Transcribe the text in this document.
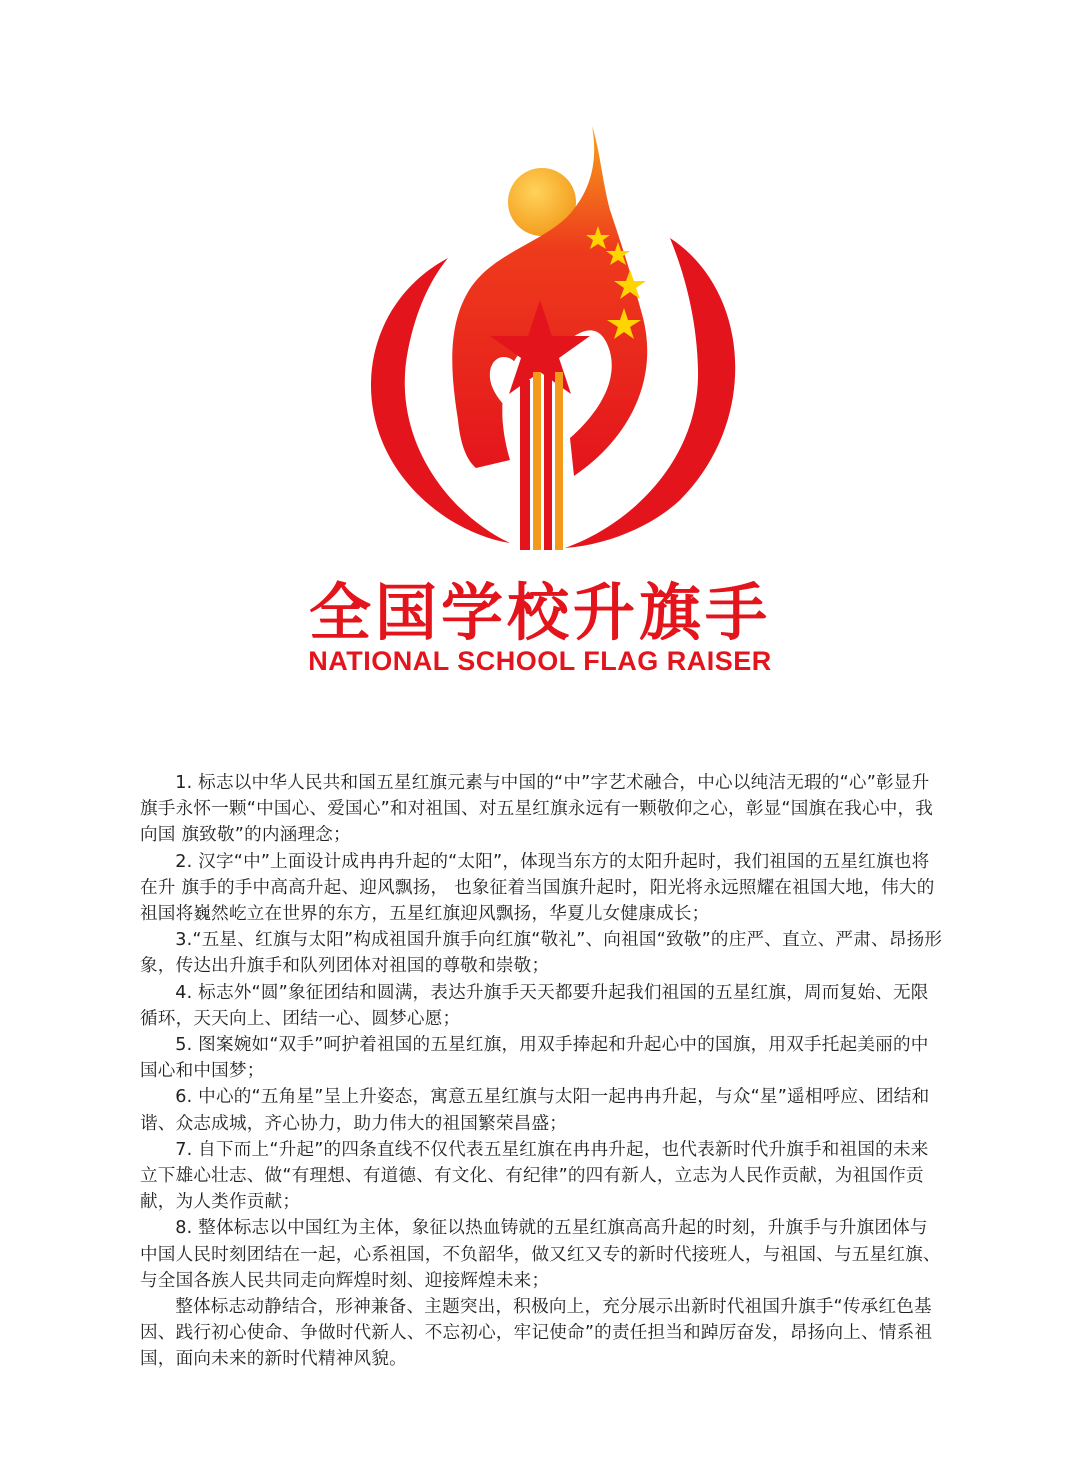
全国学校升旗手
NATIONAL SCHOOL FLAG RAISER

1. 标志以中华人民共和国五星红旗元素与中国的“中”字艺术融合，中心以纯洁无瑕的“心”彰显升旗手永怀一颗“中国心、爱国心”和对祖国、对五星红旗永远有一颗敬仰之心，彰显“国旗在我心中，我向国 旗致敬”的内涵理念；

2. 汉字“中”上面设计成冉冉升起的“太阳”，体现当东方的太阳升起时，我们祖国的五星红旗也将在升 旗手的手中高高升起、迎风飘扬， 也象征着当国旗升起时，阳光将永远照耀在祖国大地，伟大的祖国将巍然屹立在世界的东方，五星红旗迎风飘扬，华夏儿女健康成长；

3.“五星、红旗与太阳”构成祖国升旗手向红旗“敬礼”、向祖国“致敬”的庄严、直立、严肃、昂扬形象，传达出升旗手和队列团体对祖国的尊敬和崇敬；

4. 标志外“圆”象征团结和圆满，表达升旗手天天都要升起我们祖国的五星红旗，周而复始、无限循环，天天向上、团结一心、圆梦心愿；

5. 图案婉如“双手”呵护着祖国的五星红旗，用双手捧起和升起心中的国旗，用双手托起美丽的中国心和中国梦；

6. 中心的“五角星”呈上升姿态，寓意五星红旗与太阳一起冉冉升起，与众“星”遥相呼应、团结和谐、众志成城，齐心协力，助力伟大的祖国繁荣昌盛；

7. 自下而上“升起”的四条直线不仅代表五星红旗在冉冉升起，也代表新时代升旗手和祖国的未来立下雄心壮志、做“有理想、有道德、有文化、有纪律”的四有新人，立志为人民作贡献，为祖国作贡献，为人类作贡献；

8. 整体标志以中国红为主体，象征以热血铸就的五星红旗高高升起的时刻，升旗手与升旗团体与中国人民时刻团结在一起，心系祖国，不负韶华，做又红又专的新时代接班人，与祖国、与五星红旗、与全国各族人民共同走向辉煌时刻、迎接辉煌未来；

整体标志动静结合，形神兼备、主题突出，积极向上，充分展示出新时代祖国升旗手“传承红色基因、践行初心使命、争做时代新人、不忘初心，牢记使命”的责任担当和踔厉奋发，昂扬向上、情系祖国，面向未来的新时代精神风貌。
